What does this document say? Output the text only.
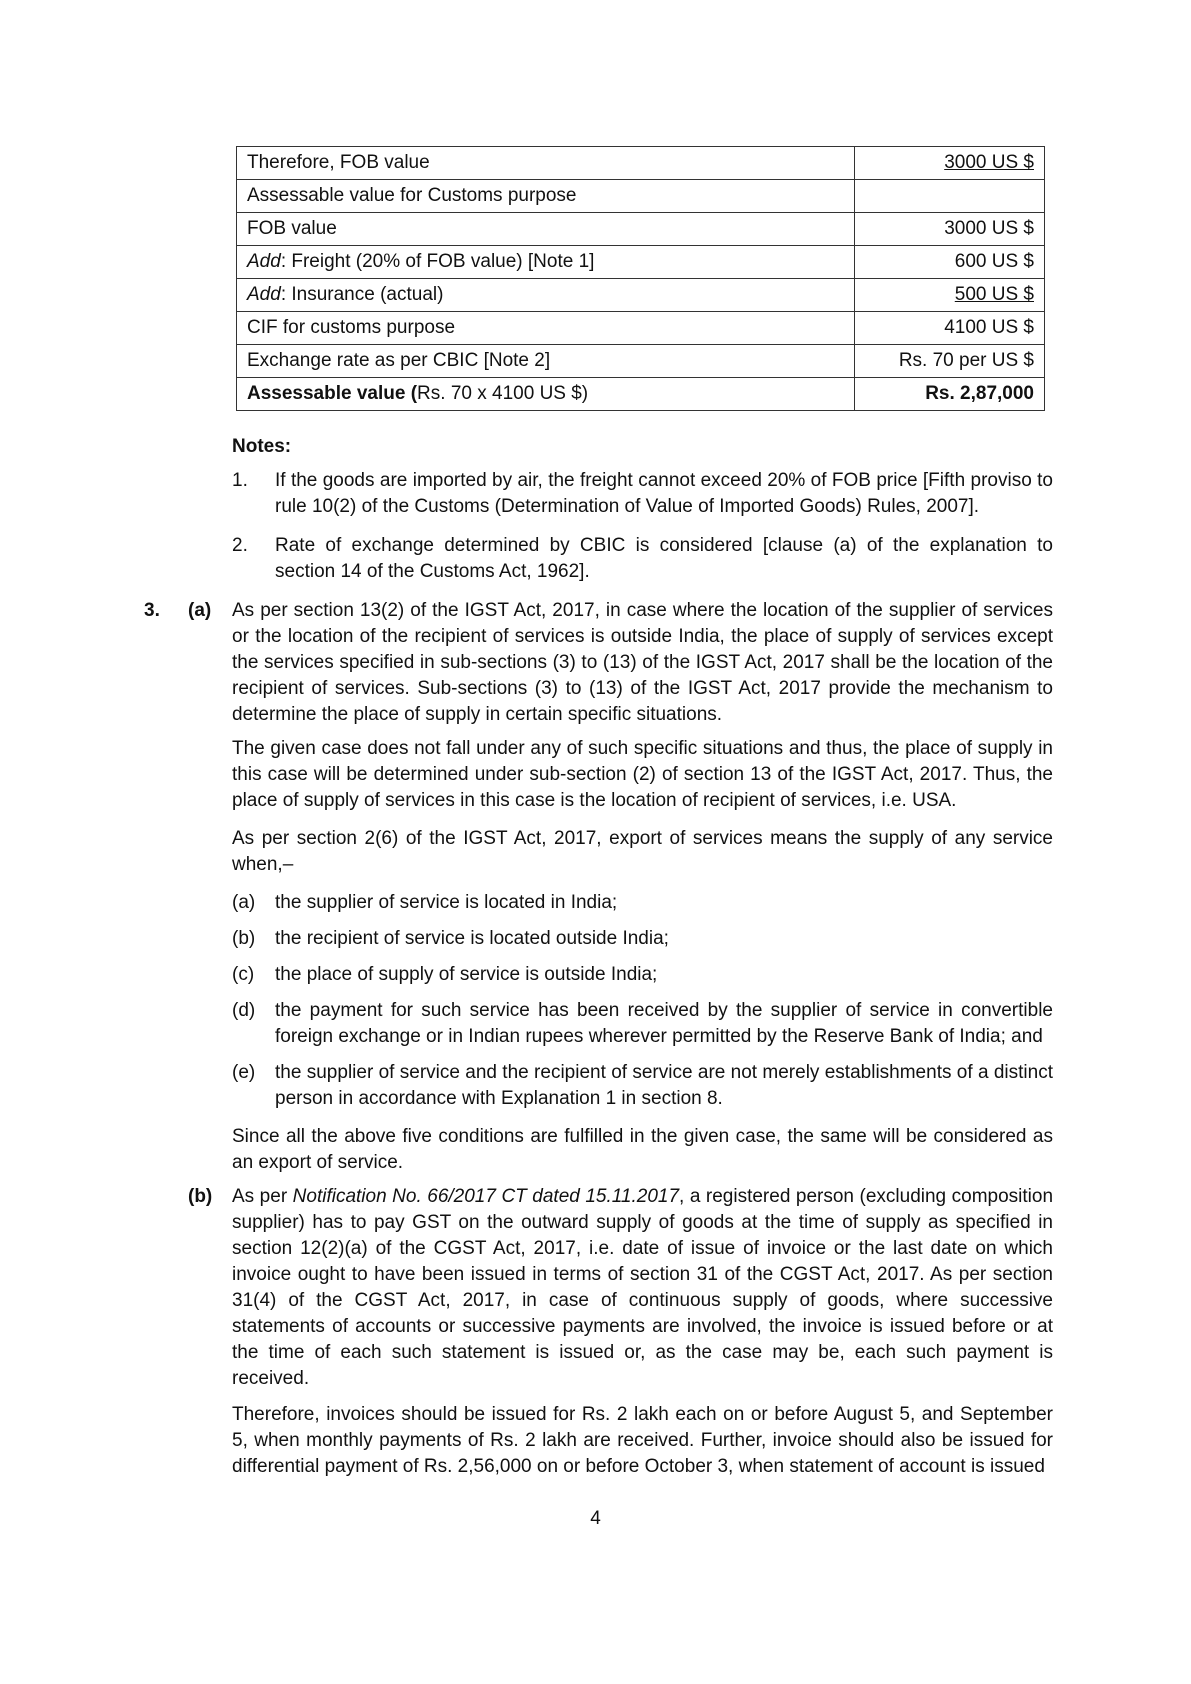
Therefore, FOB value	3000 US $
Assessable value for Customs purpose	
FOB value	3000 US $
Add: Freight (20% of FOB value) [Note 1]	600 US $
Add: Insurance (actual)	500 US $
CIF for customs purpose	4100 US $
Exchange rate as per CBIC [Note 2]	Rs. 70 per US $
Assessable value (Rs. 70 x 4100 US $)	Rs. 2,87,000
Notes:
1. If the goods are imported by air, the freight cannot exceed 20% of FOB price [Fifth proviso to rule 10(2) of the Customs (Determination of Value of Imported Goods) Rules, 2007].
2. Rate of exchange determined by CBIC is considered [clause (a) of the explanation to section 14 of the Customs Act, 1962].
3. (a) As per section 13(2) of the IGST Act, 2017, in case where the location of the supplier of services or the location of the recipient of services is outside India, the place of supply of services except the services specified in sub-sections (3) to (13) of the IGST Act, 2017 shall be the location of the recipient of services. Sub-sections (3) to (13) of the IGST Act, 2017 provide the mechanism to determine the place of supply in certain specific situations.
The given case does not fall under any of such specific situations and thus, the place of supply in this case will be determined under sub-section (2) of section 13 of the IGST Act, 2017. Thus, the place of supply of services in this case is the location of recipient of services, i.e. USA.
As per section 2(6) of the IGST Act, 2017, export of services means the supply of any service when,–
(a) the supplier of service is located in India;
(b) the recipient of service is located outside India;
(c) the place of supply of service is outside India;
(d) the payment for such service has been received by the supplier of service in convertible foreign exchange or in Indian rupees wherever permitted by the Reserve Bank of India; and
(e) the supplier of service and the recipient of service are not merely establishments of a distinct person in accordance with Explanation 1 in section 8.
Since all the above five conditions are fulfilled in the given case, the same will be considered as an export of service.
(b) As per Notification No. 66/2017 CT dated 15.11.2017, a registered person (excluding composition supplier) has to pay GST on the outward supply of goods at the time of supply as specified in section 12(2)(a) of the CGST Act, 2017, i.e. date of issue of invoice or the last date on which invoice ought to have been issued in terms of section 31 of the CGST Act, 2017. As per section 31(4) of the CGST Act, 2017, in case of continuous supply of goods, where successive statements of accounts or successive payments are involved, the invoice is issued before or at the time of each such statement is issued or, as the case may be, each such payment is received.
Therefore, invoices should be issued for Rs. 2 lakh each on or before August 5, and September 5, when monthly payments of Rs. 2 lakh are received. Further, invoice should also be issued for differential payment of Rs. 2,56,000 on or before October 3, when statement of account is issued
4
